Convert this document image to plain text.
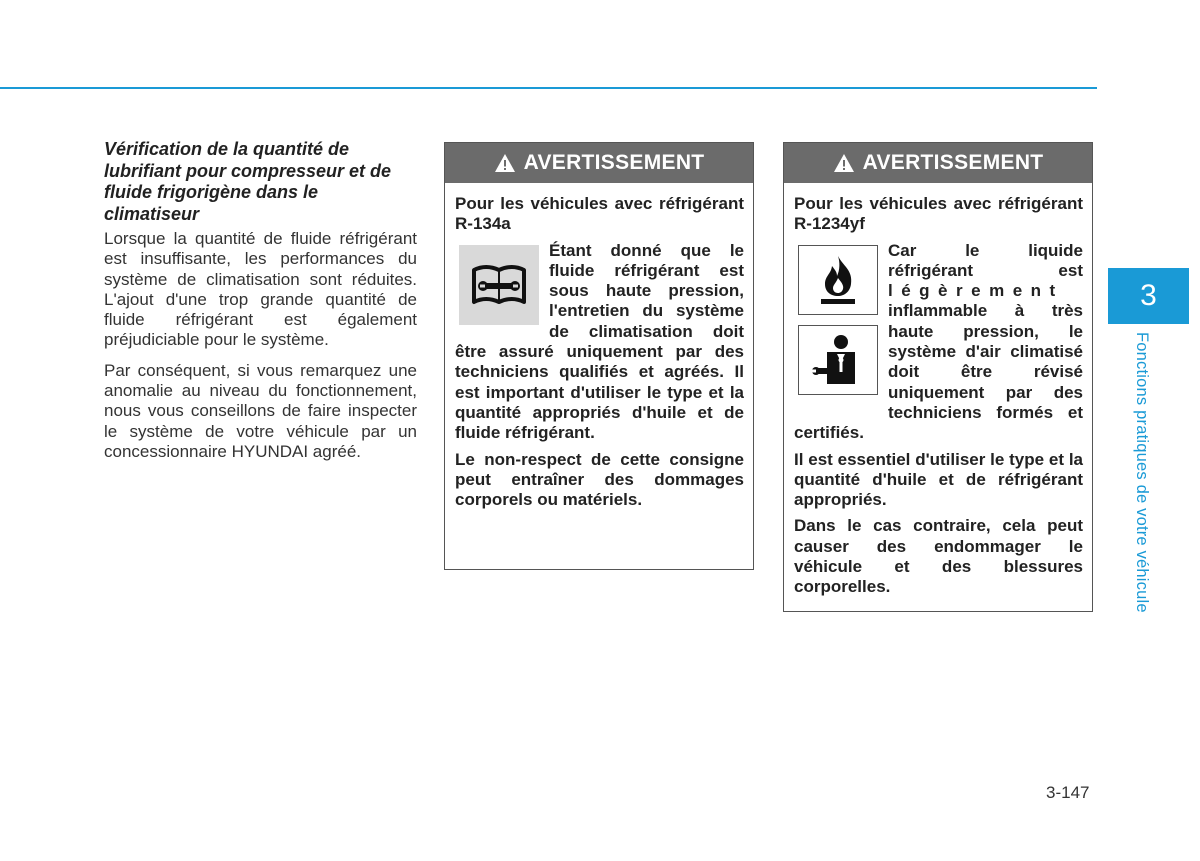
Vérification de la quantité de lubrifiant pour compresseur et de fluide frigorigène dans le climatiseur

Lorsque la quantité de fluide réfrigérant est insuffisante, les performances du système de climatisation sont réduites. L'ajout d'une trop grande quantité de fluide réfrigérant est également préjudiciable pour le système.

Par conséquent, si vous remarquez une anomalie au niveau du fonctionnement, nous vous conseillons de faire inspecter le système de votre véhicule par un concessionnaire HYUNDAI agréé.

AVERTISSEMENT

Pour les véhicules avec réfrigérant R-134a

Étant donné que le fluide réfrigérant est sous haute pression, l'entretien du système de climatisation doit être assuré uniquement par des techniciens qualifiés et agréés. Il est important d'utiliser le type et la quantité appropriés d'huile et de fluide réfrigérant.

Le non-respect de cette consigne peut entraîner des dommages corporels ou matériels.

AVERTISSEMENT

Pour les véhicules avec réfrigérant R-1234yf

Car le liquide réfrigérant est légèrement inflammable à très haute pression, le système d'air climatisé doit être révisé uniquement par des techniciens formés et certifiés.

Il est essentiel d'utiliser le type et la quantité d'huile et de réfrigérant appropriés.

Dans le cas contraire, cela peut causer des endommager le véhicule et des blessures corporelles.

3
Fonctions pratiques de votre véhicule
3-147
